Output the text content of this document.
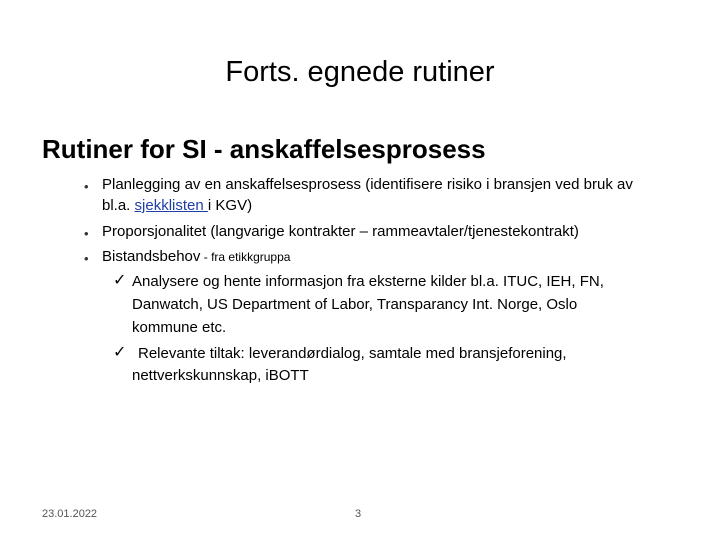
Forts. egnede rutiner
Rutiner for SI - anskaffelsesprosess
• Planlegging av en anskaffelsesprosess (identifisere risiko i bransjen ved bruk av
bl.a. sjekklisten i KGV)
• Proporsjonalitet (langvarige kontrakter – rammeavtaler/tjenestekontrakt)
• Bistandsbehov - fra etikkgruppa
✓ Analysere og hente informasjon fra eksterne kilder bl.a. ITUC, IEH, FN,
Danwatch, US Department of Labor, Transparancy Int. Norge, Oslo
kommune etc.
✓ Relevante tiltak: leverandørdialog, samtale med bransjeforening,
nettverkskunnskap, iBOTT
23.01.2022	3
